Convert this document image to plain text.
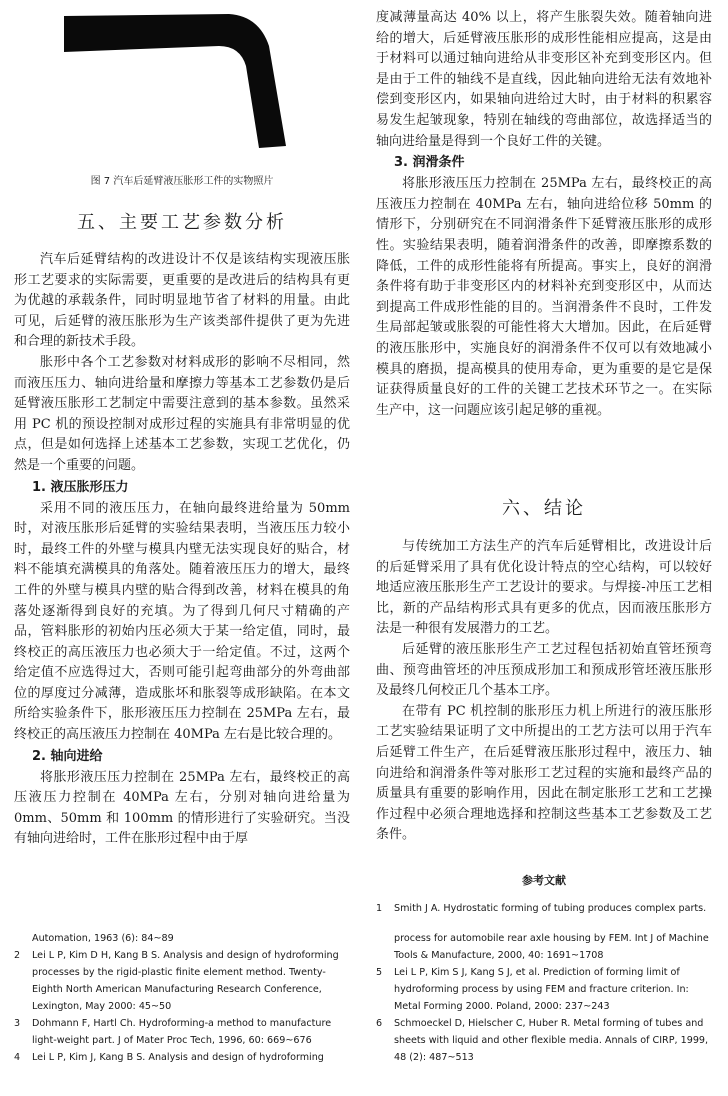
图 7 汽车后延臂液压胀形工件的实物照片
五、主要工艺参数分析

汽车后延臂结构的改进设计不仅是该结构实现液压胀形工艺要求的实际需要，更重要的是改进后的结构具有更为优越的承载条件，同时明显地节省了材料的用量。由此可见，后延臂的液压胀形为生产该类部件提供了更为先进和合理的新技术手段。

胀形中各个工艺参数对材料成形的影响不尽相同，然而液压压力、轴向进给量和摩擦力等基本工艺参数仍是后延臂液压胀形工艺制定中需要注意到的基本参数。虽然采用 PC 机的预设控制对成形过程的实施具有非常明显的优点，但是如何选择上述基本工艺参数，实现工艺优化，仍然是一个重要的问题。

1. 液压胀形压力

采用不同的液压压力，在轴向最终进给量为 50mm 时，对液压胀形后延臂的实验结果表明，当液压压力较小时，最终工件的外壁与模具内壁无法实现良好的贴合，材料不能填充满模具的角落处。随着液压压力的增大，最终工件的外壁与模具内壁的贴合得到改善，材料在模具的角落处逐渐得到良好的充填。为了得到几何尺寸精确的产品，管料胀形的初始内压必须大于某一给定值，同时，最终校正的高压液压力也必须大于一给定值。不过，这两个给定值不应选得过大，否则可能引起弯曲部分的外弯曲部位的厚度过分减薄，造成胀坏和胀裂等成形缺陷。在本文所给实验条件下，胀形液压压力控制在 25MPa 左右，最终校正的高压液压力控制在 40MPa 左右是比较合理的。

2. 轴向进给

将胀形液压压力控制在 25MPa 左右，最终校正的高压液压力控制在 40MPa 左右，分别对轴向进给量为 0mm、50mm 和 100mm 的情形进行了实验研究。当没有轴向进给时，工件在胀形过程中由于厚

度减薄量高达 40% 以上，将产生胀裂失效。随着轴向进给的增大，后延臂液压胀形的成形性能相应提高，这是由于材料可以通过轴向进给从非变形区补充到变形区内。但是由于工件的轴线不是直线，因此轴向进给无法有效地补偿到变形区内，如果轴向进给过大时，由于材料的积累容易发生起皱现象，特别在轴线的弯曲部位，故选择适当的轴向进给量是得到一个良好工件的关键。

3. 润滑条件

将胀形液压压力控制在 25MPa 左右，最终校正的高压液压力控制在 40MPa 左右，轴向进给位移 50mm 的情形下，分别研究在不同润滑条件下延臂液压胀形的成形性。实验结果表明，随着润滑条件的改善，即摩擦系数的降低，工件的成形性能将有所提高。事实上，良好的润滑条件将有助于非变形区内的材料补充到变形区中，从而达到提高工件成形性能的目的。当润滑条件不良时，工件发生局部起皱或胀裂的可能性将大大增加。因此，在后延臂的液压胀形中，实施良好的润滑条件不仅可以有效地减小模具的磨损，提高模具的使用寿命，更为重要的是它是保证获得质量良好的工件的关键工艺技术环节之一。在实际生产中，这一问题应该引起足够的重视。

六、结论

与传统加工方法生产的汽车后延臂相比，改进设计后的后延臂采用了具有优化设计特点的空心结构，可以较好地适应液压胀形生产工艺设计的要求。与焊接-冲压工艺相比，新的产品结构形式具有更多的优点，因而液压胀形方法是一种很有发展潜力的工艺。

后延臂的液压胀形生产工艺过程包括初始直管坯预弯曲、预弯曲管坯的冲压预成形加工和预成形管坯液压胀形及最终几何校正几个基本工序。

在带有 PC 机控制的胀形压力机上所进行的液压胀形工艺实验结果证明了文中所提出的工艺方法可以用于汽车后延臂工件生产，在后延臂液压胀形过程中，液压力、轴向进给和润滑条件等对胀形工艺过程的实施和最终产品的质量具有重要的影响作用，因此在制定胀形工艺和工艺操作过程中必须合理地选择和控制这些基本工艺参数及工艺条件。

参考文献

1 Smith J A. Hydrostatic forming of tubing produces complex parts.

Automation, 1963 (6): 84~89

2 Lei L P, Kim D H, Kang B S. Analysis and design of hydroforming processes by the rigid-plastic finite element method. Twenty-Eighth North American Manufacturing Research Conference, Lexington, May 2000: 45~50

3 Dohmann F, Hartl Ch. Hydroforming-a method to manufacture light-weight part. J of Mater Proc Tech, 1996, 60: 669~676

4 Lei L P, Kim J, Kang B S. Analysis and design of hydroforming

process for automobile rear axle housing by FEM. Int J of Machine Tools & Manufacture, 2000, 40: 1691~1708

5 Lei L P, Kim S J, Kang S J, et al. Prediction of forming limit of hydroforming process by using FEM and fracture criterion. In: Metal Forming 2000. Poland, 2000: 237~243

6 Schmoeckel D, Hielscher C, Huber R. Metal forming of tubes and sheets with liquid and other flexible media. Annals of CIRP, 1999, 48 (2): 487~513
